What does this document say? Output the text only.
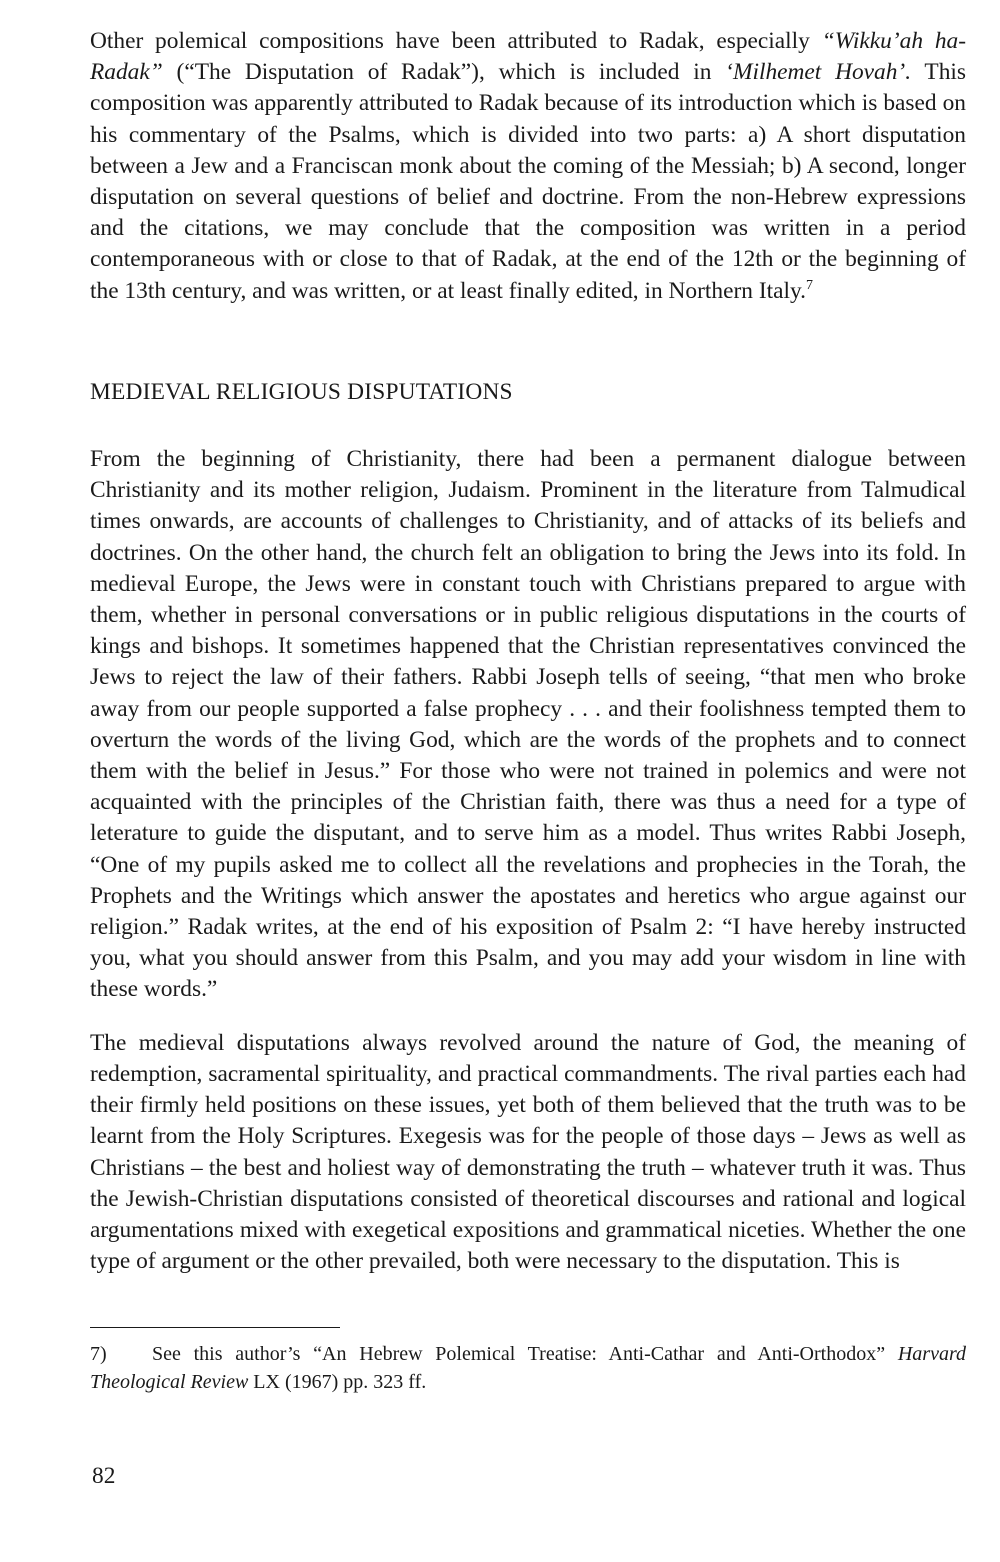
Other polemical compositions have been attributed to Radak, especially “Wikku’ah ha-Radak” (“The Disputation of Radak”), which is included in ‘Milhemet Hovah’. This composition was apparently attributed to Radak because of its introduction which is based on his commentary of the Psalms, which is divided into two parts: a) A short disputation between a Jew and a Franciscan monk about the coming of the Messiah; b) A second, longer disputation on several questions of belief and doctrine. From the non-Hebrew expressions and the citations, we may conclude that the composition was written in a period contemporaneous with or close to that of Radak, at the end of the 12th or the beginning of the 13th century, and was written, or at least finally edited, in Northern Italy.$^7$

MEDIEVAL RELIGIOUS DISPUTATIONS

From the beginning of Christianity, there had been a permanent dialogue between Christianity and its mother religion, Judaism. Prominent in the literature from Talmudical times onwards, are accounts of challenges to Christianity, and of attacks of its beliefs and doctrines. On the other hand, the church felt an obligation to bring the Jews into its fold. In medieval Europe, the Jews were in constant touch with Christians prepared to argue with them, whether in personal conversations or in public religious disputations in the courts of kings and bishops. It sometimes happened that the Christian representatives convinced the Jews to reject the law of their fathers. Rabbi Joseph tells of seeing, “that men who broke away from our people supported a false prophecy . . . and their foolishness tempted them to overturn the words of the living God, which are the words of the prophets and to connect them with the belief in Jesus.” For those who were not trained in polemics and were not acquainted with the principles of the Christian faith, there was thus a need for a type of leterature to guide the disputant, and to serve him as a model. Thus writes Rabbi Joseph, “One of my pupils asked me to collect all the revelations and prophecies in the Torah, the Prophets and the Writings which answer the apostates and heretics who argue against our religion.” Radak writes, at the end of his exposition of Psalm 2: “I have hereby instructed you, what you should answer from this Psalm, and you may add your wisdom in line with these words.”

The medieval disputations always revolved around the nature of God, the meaning of redemption, sacramental spirituality, and practical commandments. The rival parties each had their firmly held positions on these issues, yet both of them believed that the truth was to be learnt from the Holy Scriptures. Exegesis was for the people of those days – Jews as well as Christians – the best and holiest way of demonstrating the truth – whatever truth it was. Thus the Jewish-Christian disputations consisted of theoretical discourses and rational and logical argumentations mixed with exegetical expositions and grammatical niceties. Whether the one type of argument or the other prevailed, both were necessary to the disputation. This is

7) See this author’s “An Hebrew Polemical Treatise: Anti-Cathar and Anti-Orthodox” Harvard Theological Review LX (1967) pp. 323 ff.

82
